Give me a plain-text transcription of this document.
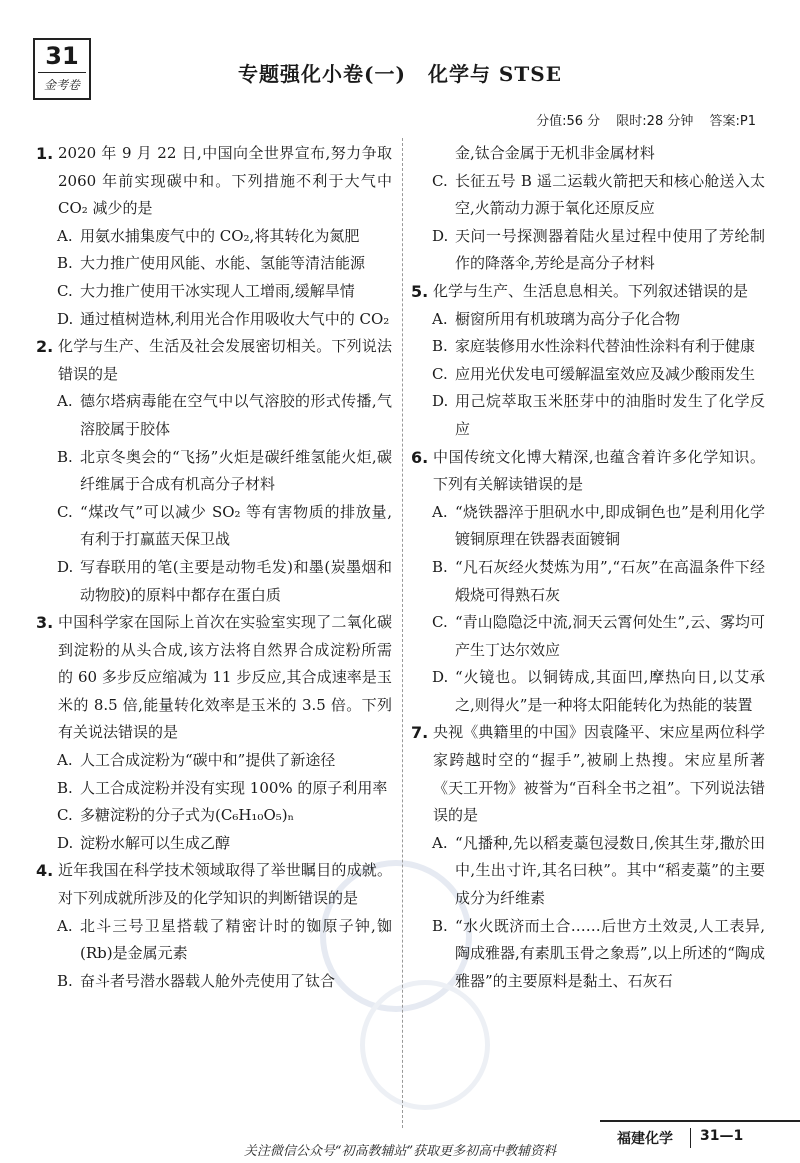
31
金考卷	专题强化小卷(一) 化学与 STSE
分值:56 分 限时:28 分钟 答案:P1
1. 2020 年 9 月 22 日,中国向全世界宣布,努力争取 2060 年前实现碳中和。下列措施不利于大气中 CO₂ 减少的是
A. 用氨水捕集废气中的 CO₂,将其转化为氮肥
B. 大力推广使用风能、水能、氢能等清洁能源
C. 大力推广使用干冰实现人工增雨,缓解旱情
D. 通过植树造林,利用光合作用吸收大气中的 CO₂
2. 化学与生产、生活及社会发展密切相关。下列说法错误的是
A. 德尔塔病毒能在空气中以气溶胶的形式传播,气溶胶属于胶体
B. 北京冬奥会的“飞扬”火炬是碳纤维氢能火炬,碳纤维属于合成有机高分子材料
C. “煤改气”可以减少 SO₂ 等有害物质的排放量,有利于打赢蓝天保卫战
D. 写春联用的笔(主要是动物毛发)和墨(炭墨烟和动物胶)的原料中都存在蛋白质
3. 中国科学家在国际上首次在实验室实现了二氧化碳到淀粉的从头合成,该方法将自然界合成淀粉所需的 60 多步反应缩减为 11 步反应,其合成速率是玉米的 8.5 倍,能量转化效率是玉米的 3.5 倍。下列有关说法错误的是
A. 人工合成淀粉为“碳中和”提供了新途径
B. 人工合成淀粉并没有实现 100% 的原子利用率
C. 多糖淀粉的分子式为(C₆H₁₀O₅)ₙ
D. 淀粉水解可以生成乙醇
4. 近年我国在科学技术领域取得了举世瞩目的成就。对下列成就所涉及的化学知识的判断错误的是
A. 北斗三号卫星搭载了精密计时的铷原子钟,铷(Rb)是金属元素
B. 奋斗者号潜水器载人舱外壳使用了钛合
金,钛合金属于无机非金属材料
C. 长征五号 B 遥二运载火箭把天和核心舱送入太空,火箭动力源于氧化还原反应
D. 天问一号探测器着陆火星过程中使用了芳纶制作的降落伞,芳纶是高分子材料
5. 化学与生产、生活息息相关。下列叙述错误的是
A. 橱窗所用有机玻璃为高分子化合物
B. 家庭装修用水性涂料代替油性涂料有利于健康
C. 应用光伏发电可缓解温室效应及减少酸雨发生
D. 用己烷萃取玉米胚芽中的油脂时发生了化学反应
6. 中国传统文化博大精深,也蕴含着许多化学知识。下列有关解读错误的是
A. “烧铁器淬于胆矾水中,即成铜色也”是利用化学镀铜原理在铁器表面镀铜
B. “凡石灰经火焚炼为用”,“石灰”在高温条件下经煅烧可得熟石灰
C. “青山隐隐泛中流,洞天云霄何处生”,云、雾均可产生丁达尔效应
D. “火镜也。以铜铸成,其面凹,摩热向日,以艾承之,则得火”是一种将太阳能转化为热能的装置
7. 央视《典籍里的中国》因袁隆平、宋应星两位科学家跨越时空的“握手”,被刷上热搜。宋应星所著《天工开物》被誉为“百科全书之祖”。下列说法错误的是
A. “凡播种,先以稻麦藁包浸数日,俟其生芽,撒於田中,生出寸许,其名曰秧”。其中“稻麦藁”的主要成分为纤维素
B. “水火既济而土合……后世方土效灵,人工表异,陶成雅器,有素肌玉骨之象焉”,以上所述的“陶成雅器”的主要原料是黏土、石灰石
福建化学	31—1
关注微信公众号“初高教辅站”获取更多初高中教辅资料
